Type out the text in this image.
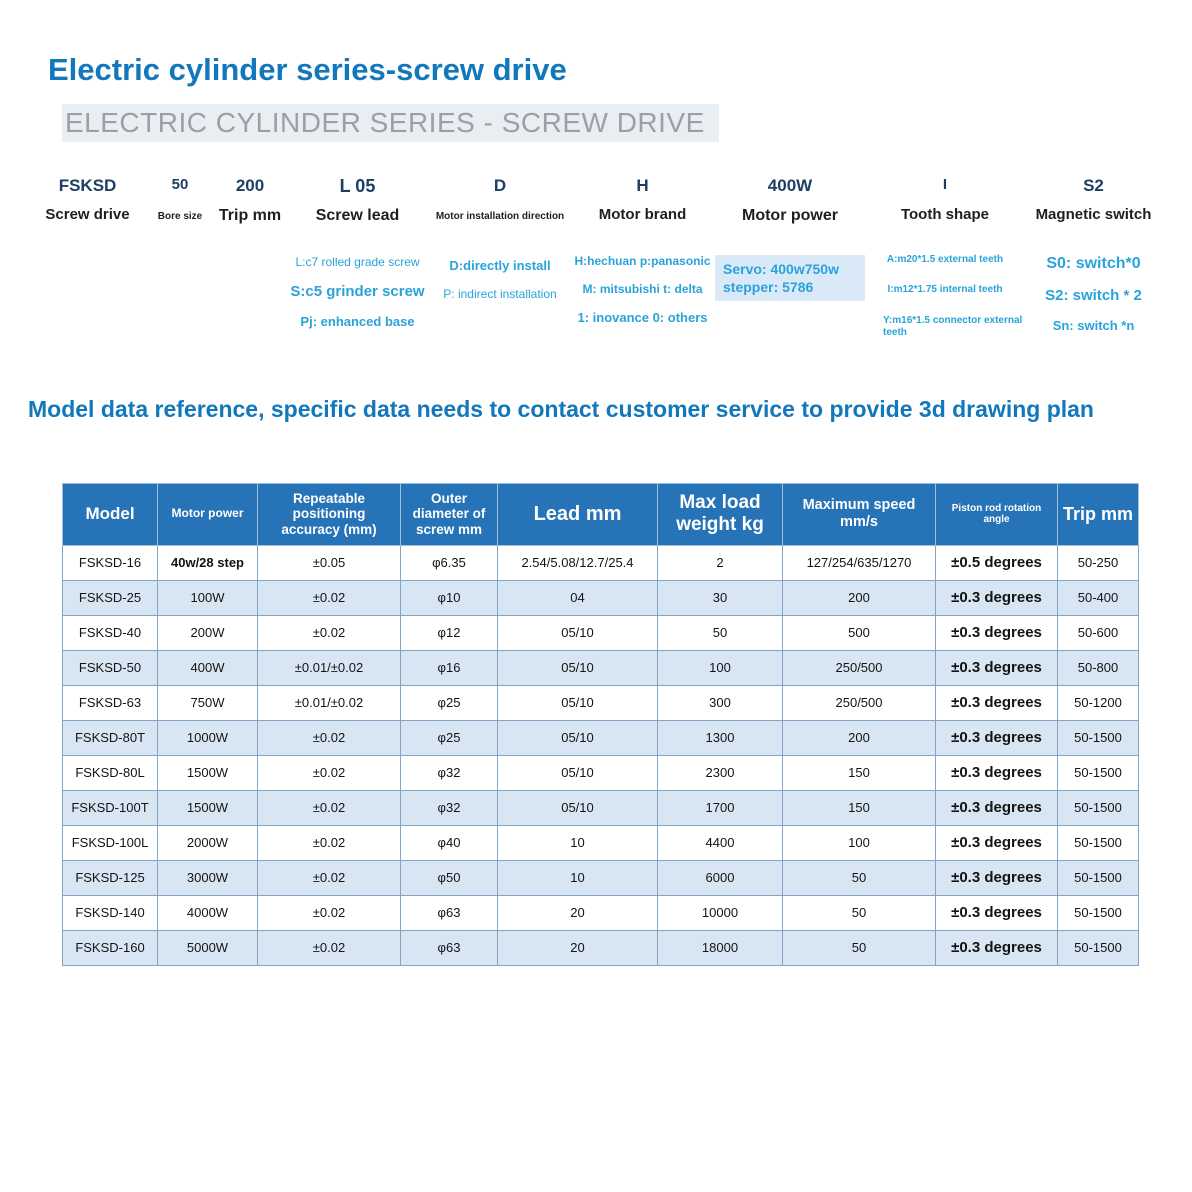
Electric cylinder series-screw drive
ELECTRIC CYLINDER SERIES - SCREW DRIVE
FSKSD
Screw drive
50
Bore size
200
Trip mm
L 05
Screw lead
L:c7 rolled grade screw
S:c5 grinder screw
Pj: enhanced base
D
Motor installation direction
D:directly install
P: indirect installation
H
Motor brand
H:hechuan p:panasonic
M: mitsubishi t: delta
1: inovance 0: others
400W
Motor power
Servo: 400w750w stepper: 5786
I
Tooth shape
A:m20*1.5 external teeth
I:m12*1.75 internal teeth
Y:m16*1.5 connector external teeth
S2
Magnetic switch
S0: switch*0
S2: switch * 2
Sn: switch *n
Model data reference, specific data needs to contact customer service to provide 3d drawing plan
Model	Motor power	Repeatable positioning accuracy (mm)	Outer diameter of screw mm	Lead mm	Max load weight kg	Maximum speed mm/s	Piston rod rotation angle	Trip mm
FSKSD-16	40w/28 step	±0.05	φ6.35	2.54/5.08/12.7/25.4	2	127/254/635/1270	±0.5 degrees	50-250
FSKSD-25	100W	±0.02	φ10	04	30	200	±0.3 degrees	50-400
FSKSD-40	200W	±0.02	φ12	05/10	50	500	±0.3 degrees	50-600
FSKSD-50	400W	±0.01/±0.02	φ16	05/10	100	250/500	±0.3 degrees	50-800
FSKSD-63	750W	±0.01/±0.02	φ25	05/10	300	250/500	±0.3 degrees	50-1200
FSKSD-80T	1000W	±0.02	φ25	05/10	1300	200	±0.3 degrees	50-1500
FSKSD-80L	1500W	±0.02	φ32	05/10	2300	150	±0.3 degrees	50-1500
FSKSD-100T	1500W	±0.02	φ32	05/10	1700	150	±0.3 degrees	50-1500
FSKSD-100L	2000W	±0.02	φ40	10	4400	100	±0.3 degrees	50-1500
FSKSD-125	3000W	±0.02	φ50	10	6000	50	±0.3 degrees	50-1500
FSKSD-140	4000W	±0.02	φ63	20	10000	50	±0.3 degrees	50-1500
FSKSD-160	5000W	±0.02	φ63	20	18000	50	±0.3 degrees	50-1500
